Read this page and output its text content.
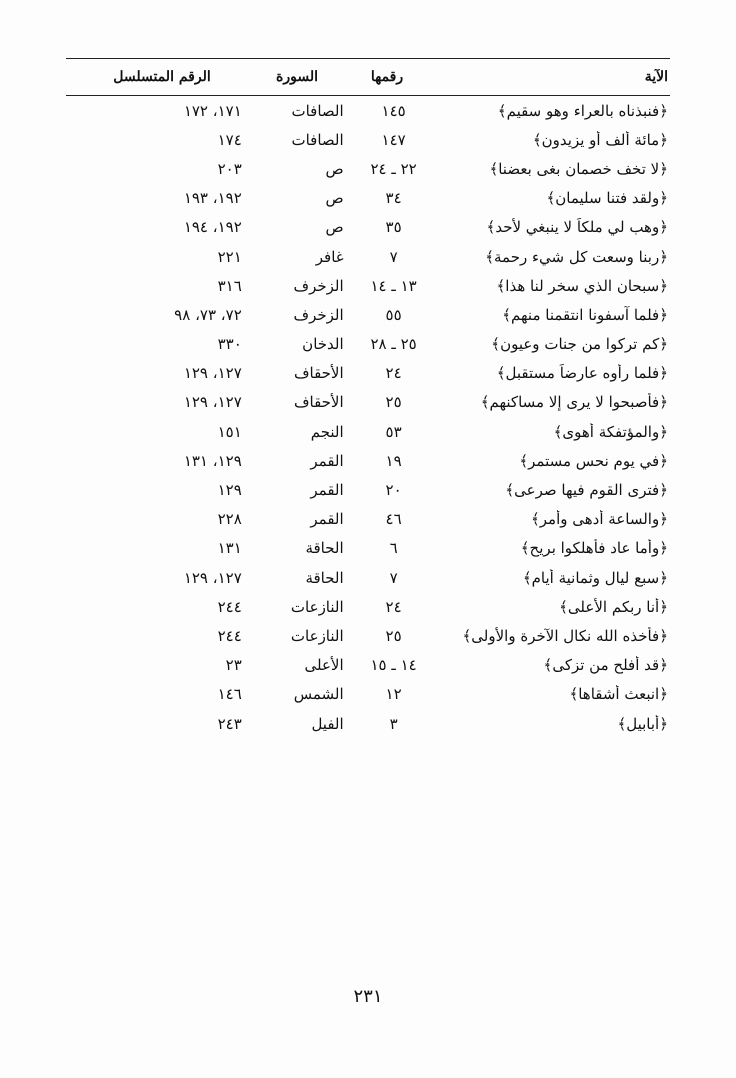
الآية
رقمها
السورة
الرقم المتسلسل
﴿فنبذناه بالعراء وهو سقيم﴾
١٤٥
الصافات
١٧١، ١٧٢
﴿مائة ألف أو يزيدون﴾
١٤٧
الصافات
١٧٤
﴿لا تخف خصمان بغى بعضنا﴾
٢٢ ـ ٢٤
ص
٢٠٣
﴿ولقد فتنا سليمان﴾
٣٤
ص
١٩٢، ١٩٣
﴿وهب لي ملكاً لا ينبغي لأحد﴾
٣٥
ص
١٩٢، ١٩٤
﴿ربنا وسعت كل شيء رحمة﴾
٧
غافر
٢٢١
﴿سبحان الذي سخر لنا هذا﴾
١٣ ـ ١٤
الزخرف
٣١٦
﴿فلما آسفونا انتقمنا منهم﴾
٥٥
الزخرف
٧٢، ٧٣، ٩٨
﴿كم تركوا من جنات وعيون﴾
٢٥ ـ ٢٨
الدخان
٣٣٠
﴿فلما رأوه عارضاً مستقبل﴾
٢٤
الأحقاف
١٢٧، ١٢٩
﴿فأصبحوا لا يرى إلا مساكنهم﴾
٢٥
الأحقاف
١٢٧، ١٢٩
﴿والمؤتفكة أهوى﴾
٥٣
النجم
١٥١
﴿في يوم نحس مستمر﴾
١٩
القمر
١٢٩، ١٣١
﴿فترى القوم فيها صرعى﴾
٢٠
القمر
١٢٩
﴿والساعة أدهى وأمر﴾
٤٦
القمر
٢٢٨
﴿وأما عاد فأهلكوا بريح﴾
٦
الحاقة
١٣١
﴿سبع ليال وثمانية أيام﴾
٧
الحاقة
١٢٧، ١٢٩
﴿أنا ربكم الأعلى﴾
٢٤
النازعات
٢٤٤
﴿فأخذه الله نكال الآخرة والأولى﴾
٢٥
النازعات
٢٤٤
﴿قد أفلح من تزكى﴾
١٤ ـ ١٥
الأعلى
٢٣
﴿انبعث أشقاها﴾
١٢
الشمس
١٤٦
﴿أبابيل﴾
٣
الفيل
٢٤٣
٢٣١
